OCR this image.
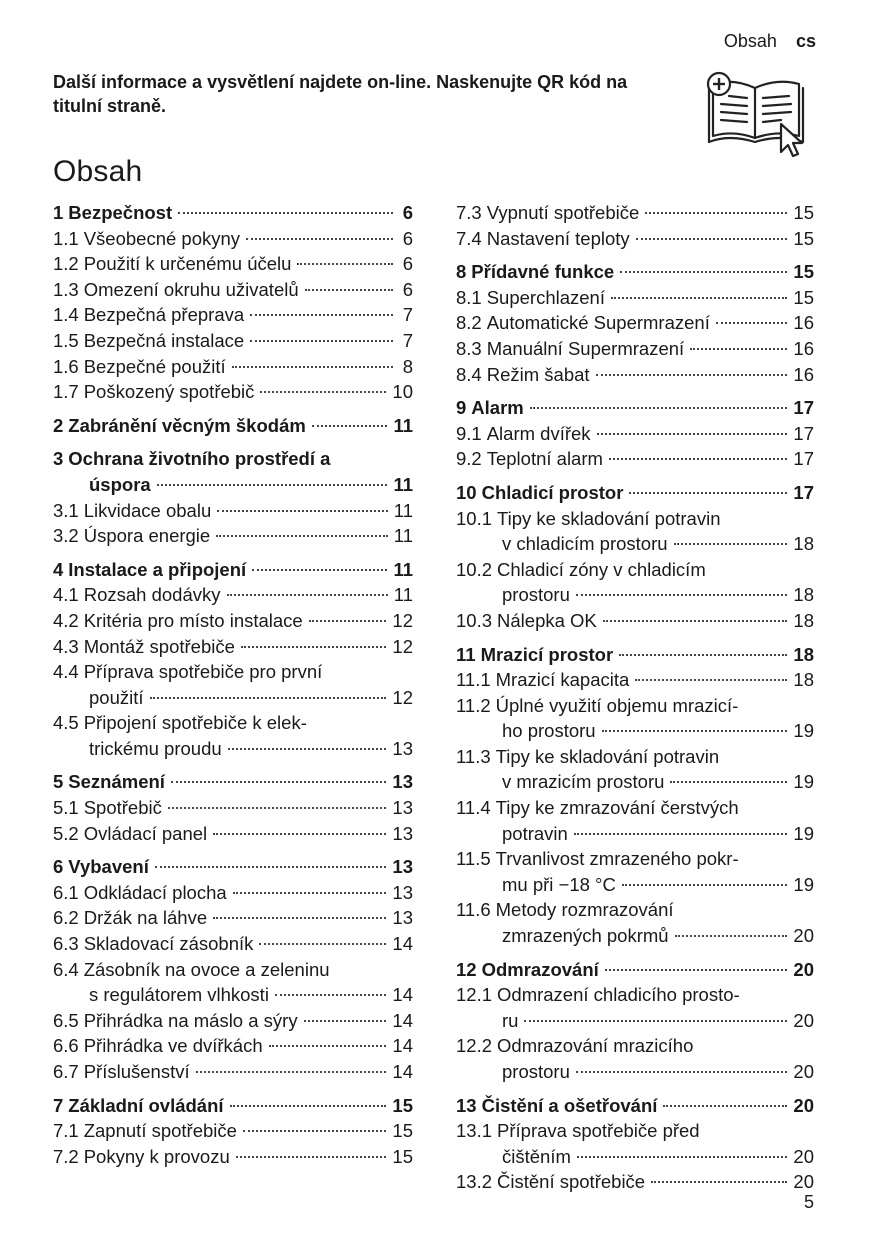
Obsah cs
Další informace a vysvětlení najdete on-line. Naskenujte QR kód na titulní straně.
Obsah
1 Bezpečnost	6
1.1 Všeobecné pokyny	6
1.2 Použití k určenému účelu	6
1.3 Omezení okruhu uživatelů	6
1.4 Bezpečná přeprava	7
1.5 Bezpečná instalace	7
1.6 Bezpečné použití	8
1.7 Poškozený spotřebič	10
2 Zabránění věcným škodám	11
3 Ochrana životního prostředí a
úspora	11
3.1 Likvidace obalu	11
3.2 Úspora energie	11
4 Instalace a připojení	11
4.1 Rozsah dodávky	11
4.2 Kritéria pro místo instalace	12
4.3 Montáž spotřebiče	12
4.4 Příprava spotřebiče pro první
použití	12
4.5 Připojení spotřebiče k elek-
trickému proudu	13
5 Seznámení	13
5.1 Spotřebič	13
5.2 Ovládací panel	13
6 Vybavení	13
6.1 Odkládací plocha	13
6.2 Držák na láhve	13
6.3 Skladovací zásobník	14
6.4 Zásobník na ovoce a zeleninu
s regulátorem vlhkosti	14
6.5 Přihrádka na máslo a sýry	14
6.6 Přihrádka ve dvířkách	14
6.7 Příslušenství	14
7 Základní ovládání	15
7.1 Zapnutí spotřebiče	15
7.2 Pokyny k provozu	15
7.3 Vypnutí spotřebiče	15
7.4 Nastavení teploty	15
8 Přídavné funkce	15
8.1 Superchlazení	15
8.2 Automatické Supermrazení	16
8.3 Manuální Supermrazení	16
8.4 Režim šabat	16
9 Alarm	17
9.1 Alarm dvířek	17
9.2 Teplotní alarm	17
10 Chladicí prostor	17
10.1 Tipy ke skladování potravin
v chladicím prostoru	18
10.2 Chladicí zóny v chladicím
prostoru	18
10.3 Nálepka OK	18
11 Mrazicí prostor	18
11.1 Mrazicí kapacita	18
11.2 Úplné využití objemu mrazicí-
ho prostoru	19
11.3 Tipy ke skladování potravin
v mrazicím prostoru	19
11.4 Tipy ke zmrazování čerstvých
potravin	19
11.5 Trvanlivost zmrazeného pokr-
mu při −18 °C	19
11.6 Metody rozmrazování
zmrazených pokrmů	20
12 Odmrazování	20
12.1 Odmrazení chladicího prosto-
ru	20
12.2 Odmrazování mrazicího
prostoru	20
13 Čistění a ošetřování	20
13.1 Příprava spotřebiče před
čištěním	20
13.2 Čistění spotřebiče	20
5
